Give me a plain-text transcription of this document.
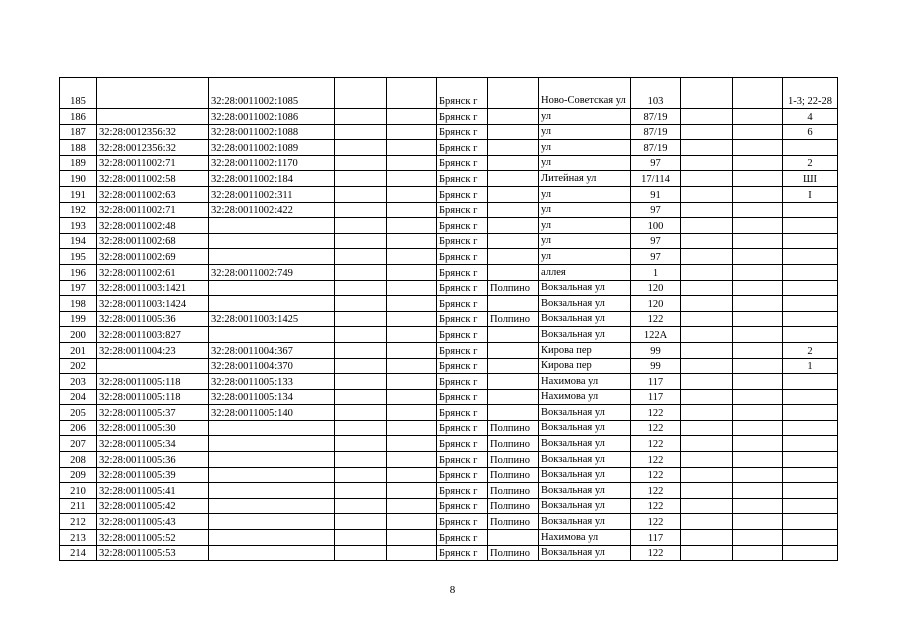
185		32:28:0011002:1085			Брянск г		Ново-Советская ул	103			1-3; 22-28
186		32:28:0011002:1086			Брянск г		ул	87/19			4
187	32:28:0012356:32	32:28:0011002:1088			Брянск г		ул	87/19			6
188	32:28:0012356:32	32:28:0011002:1089			Брянск г		ул	87/19			
189	32:28:0011002:71	32:28:0011002:1170			Брянск г		ул	97			2
190	32:28:0011002:58	32:28:0011002:184			Брянск г		Литейная ул	17/114			ШI
191	32:28:0011002:63	32:28:0011002:311			Брянск г		ул	91			I
192	32:28:0011002:71	32:28:0011002:422			Брянск г		ул	97			
193	32:28:0011002:48				Брянск г		ул	100			
194	32:28:0011002:68				Брянск г		ул	97			
195	32:28:0011002:69				Брянск г		ул	97			
196	32:28:0011002:61	32:28:0011002:749			Брянск г		аллея	1			
197	32:28:0011003:1421				Брянск г	Полпино	Вокзальная ул	120			
198	32:28:0011003:1424				Брянск г		Вокзальная ул	120			
199	32:28:0011005:36	32:28:0011003:1425			Брянск г	Полпино	Вокзальная ул	122			
200	32:28:0011003:827				Брянск г		Вокзальная ул	122А			
201	32:28:0011004:23	32:28:0011004:367			Брянск г		Кирова пер	99			2
202		32:28:0011004:370			Брянск г		Кирова пер	99			1
203	32:28:0011005:118	32:28:0011005:133			Брянск г		Нахимова ул	117			
204	32:28:0011005:118	32:28:0011005:134			Брянск г		Нахимова ул	117			
205	32:28:0011005:37	32:28:0011005:140			Брянск г		Вокзальная ул	122			
206	32:28:0011005:30				Брянск г	Полпино	Вокзальная ул	122			
207	32:28:0011005:34				Брянск г	Полпино	Вокзальная ул	122			
208	32:28:0011005:36				Брянск г	Полпино	Вокзальная ул	122			
209	32:28:0011005:39				Брянск г	Полпино	Вокзальная ул	122			
210	32:28:0011005:41				Брянск г	Полпино	Вокзальная ул	122			
211	32:28:0011005:42				Брянск г	Полпино	Вокзальная ул	122			
212	32:28:0011005:43				Брянск г	Полпино	Вокзальная ул	122			
213	32:28:0011005:52				Брянск г		Нахимова ул	117			
214	32:28:0011005:53				Брянск г	Полпино	Вокзальная ул	122			
8
